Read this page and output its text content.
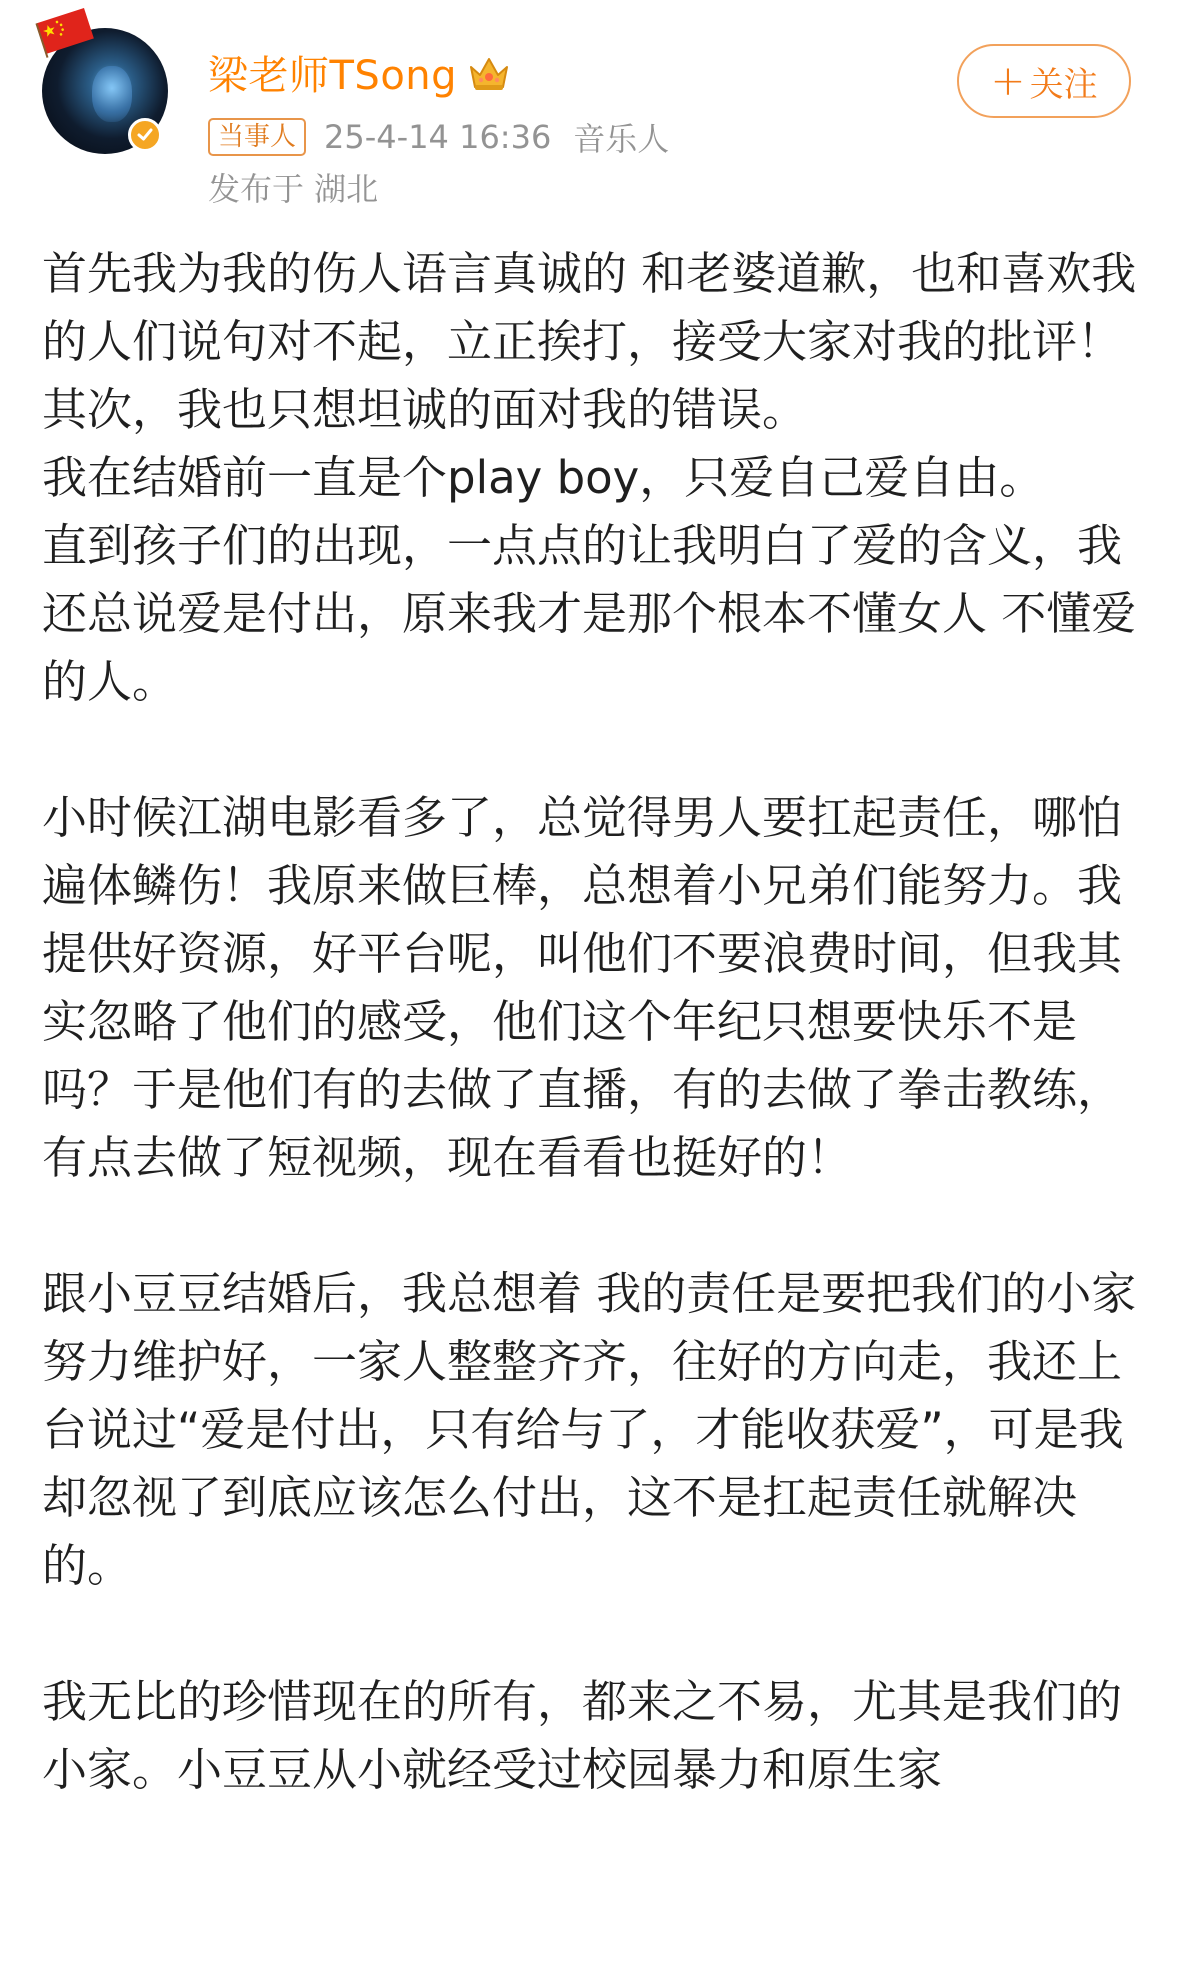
梁老师TSong
当事人 25-4-14 16:36 音乐人
发布于 湖北
+ 关注

首先我为我的伤人语言真诚的 和老婆道歉，也和喜欢我的人们说句对不起，立正挨打，接受大家对我的批评！

其次，我也只想坦诚的面对我的错误。

我在结婚前一直是个play boy，只爱自己爱自由。

直到孩子们的出现，一点点的让我明白了爱的含义，我还总说爱是付出，原来我才是那个根本不懂女人 不懂爱的人。

小时候江湖电影看多了，总觉得男人要扛起责任，哪怕遍体鳞伤！我原来做巨棒，总想着小兄弟们能努力。我提供好资源，好平台呢，叫他们不要浪费时间，但我其实忽略了他们的感受，他们这个年纪只想要快乐不是吗？于是他们有的去做了直播，有的去做了拳击教练，有点去做了短视频，现在看看也挺好的！

跟小豆豆结婚后，我总想着 我的责任是要把我们的小家努力维护好，一家人整整齐齐，往好的方向走，我还上台说过“爱是付出，只有给与了，才能收获爱”，可是我却忽视了到底应该怎么付出，这不是扛起责任就解决的。

我无比的珍惜现在的所有，都来之不易，尤其是我们的小家。小豆豆从小就经受过校园暴力和原生家
